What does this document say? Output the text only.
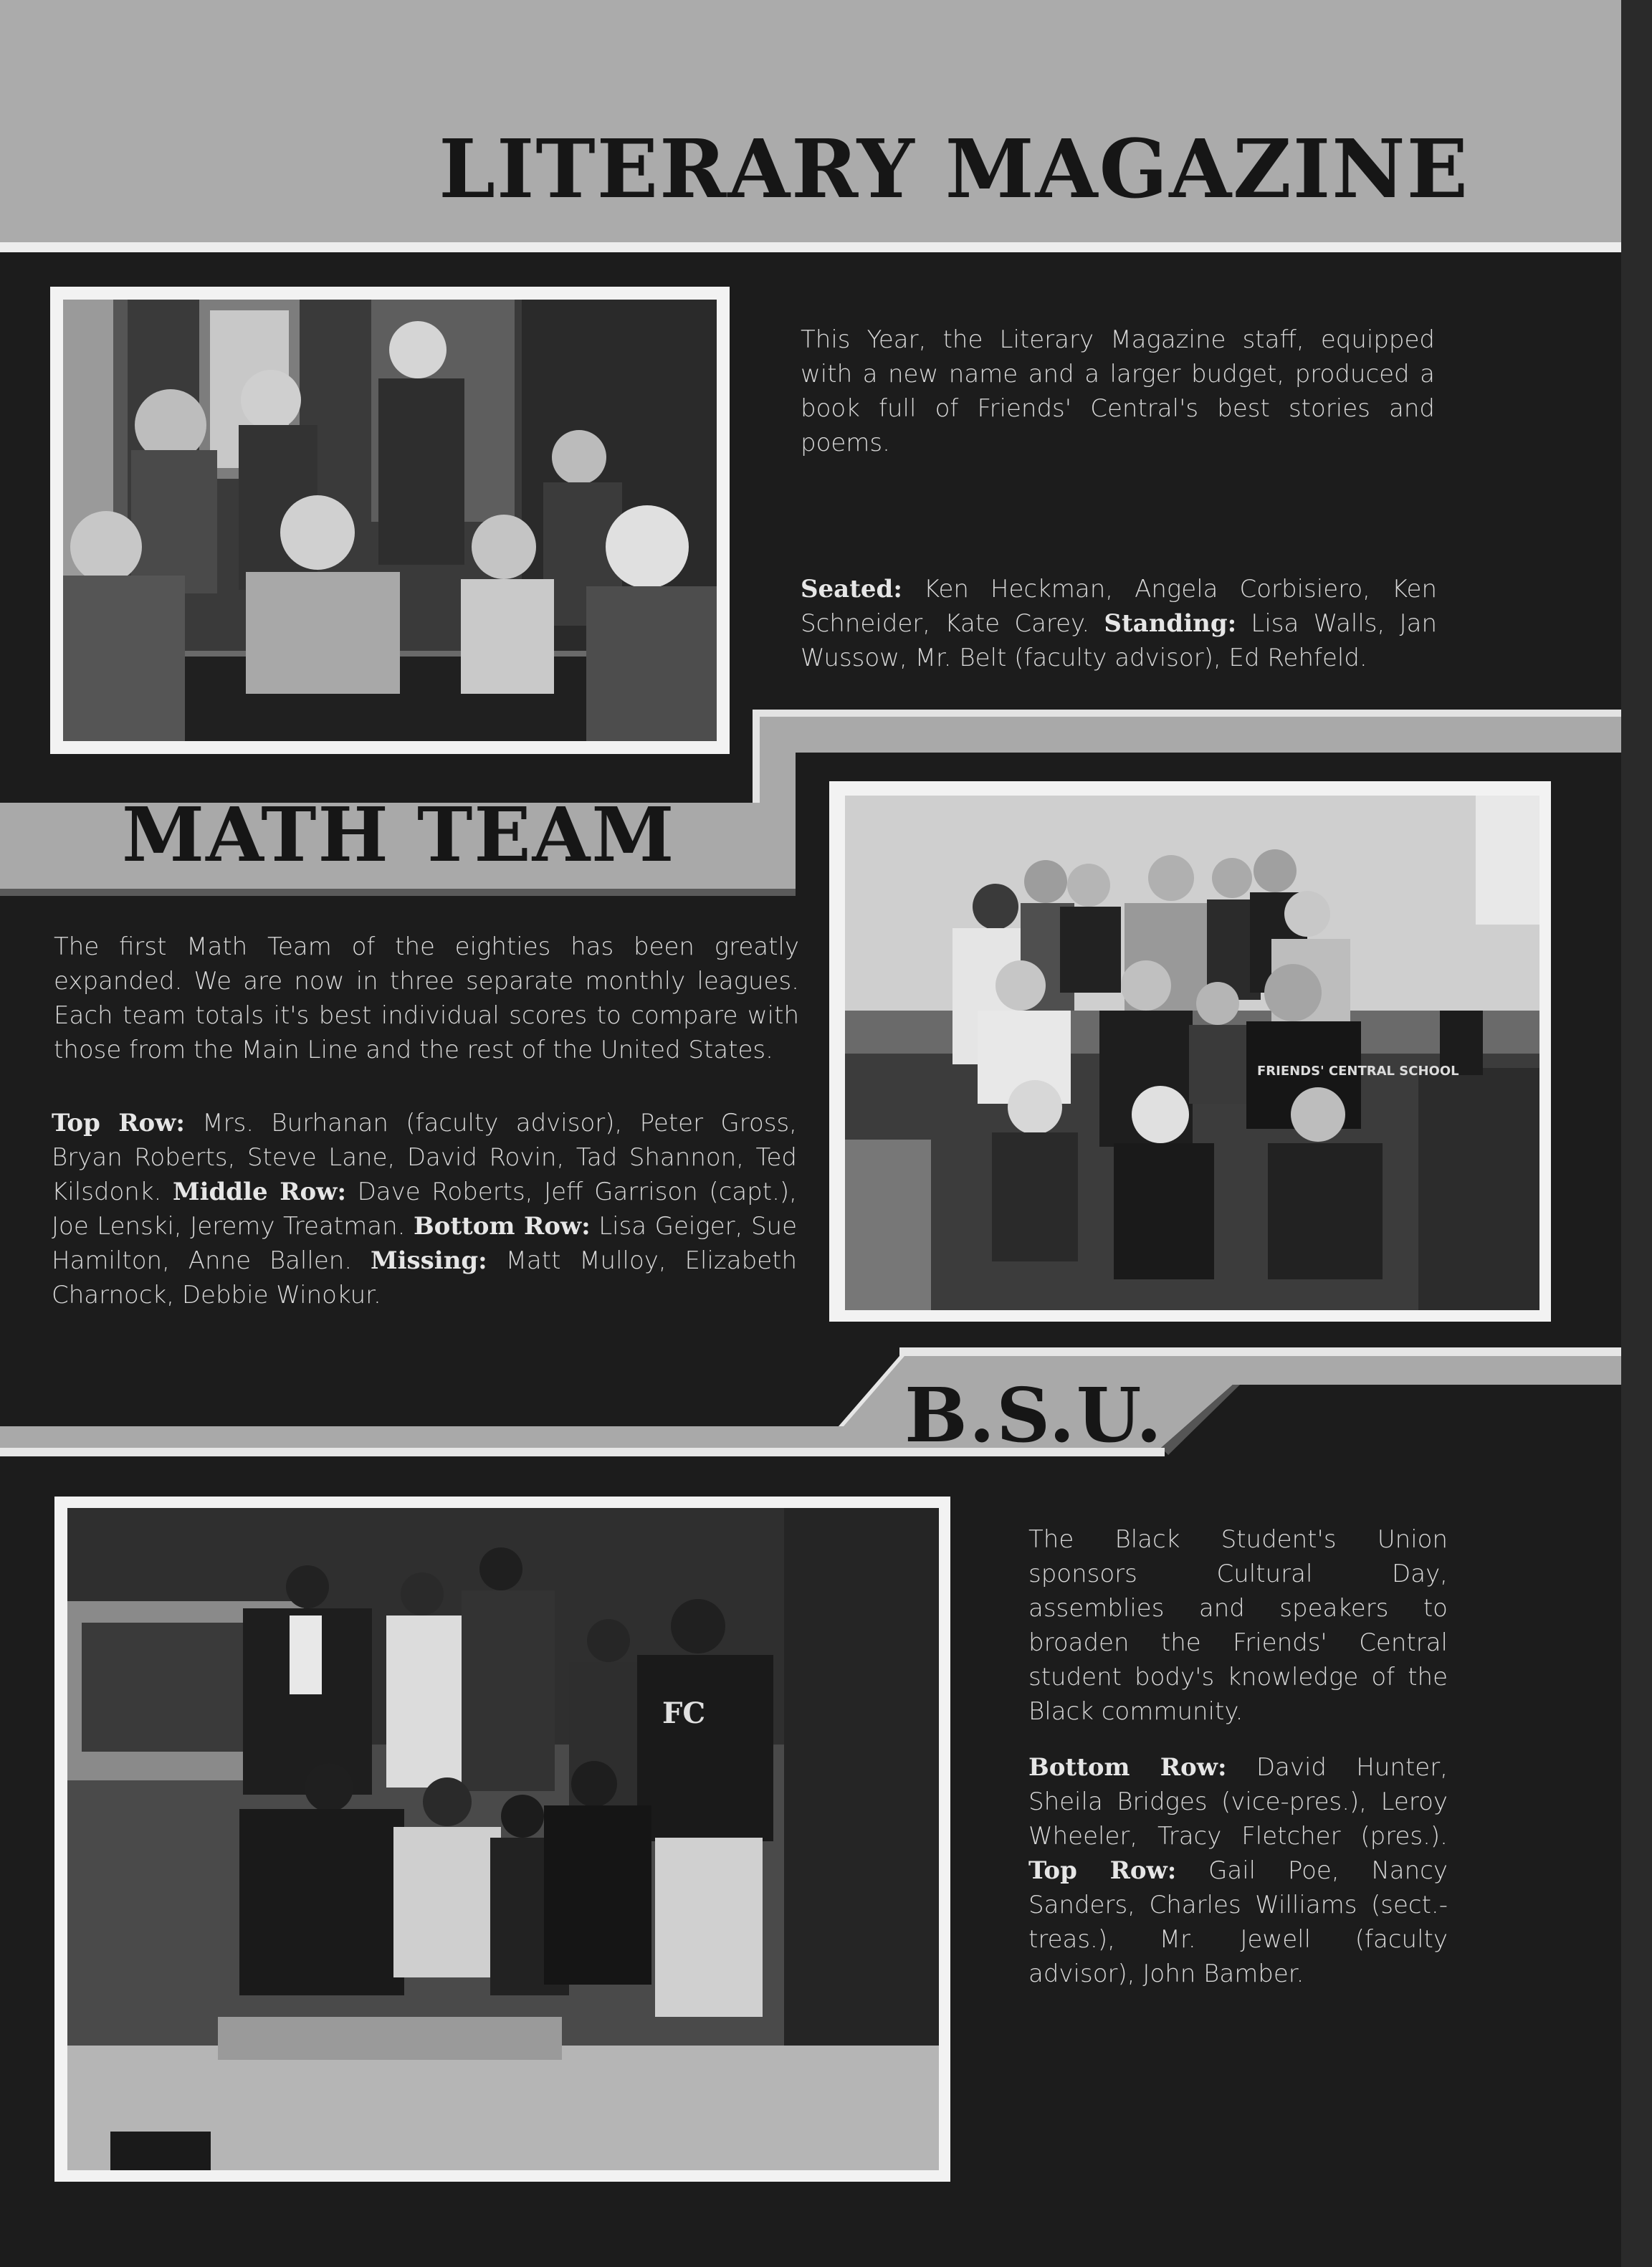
LITERARY MAGAZINE

This Year, the Literary Magazine staff, equipped with a new name and a larger budget, produced a book full of Friends' Central's best stories and poems.

Seated: Ken Heckman, Angela Corbisiero, Ken Schneider, Kate Carey. Standing: Lisa Walls, Jan Wussow, Mr. Belt (faculty advisor), Ed Rehfeld.

MATH TEAM
FRIENDS' CENTRAL SCHOOL

The first Math Team of the eighties has been greatly expanded. We are now in three separate monthly leagues. Each team totals it's best individual scores to compare with those from the Main Line and the rest of the United States.

Top Row: Mrs. Burhanan (faculty advisor), Peter Gross, Bryan Roberts, Steve Lane, David Rovin, Tad Shannon, Ted Kilsdonk. Middle Row: Dave Roberts, Jeff Garrison (capt.), Joe Lenski, Jeremy Treatman. Bottom Row: Lisa Geiger, Sue Hamilton, Anne Ballen. Missing: Matt Mulloy, Elizabeth Charnock, Debbie Winokur.

B.S.U.
FC

The Black Student's Union sponsors Cultural Day, assemblies and speakers to broaden the Friends' Central student body's knowledge of the Black community.

Bottom Row: David Hunter, Sheila Bridges (vice-pres.), Leroy Wheeler, Tracy Fletcher (pres.). Top Row: Gail Poe, Nancy Sanders, Charles Williams (sect.-treas.), Mr. Jewell (faculty advisor), John Bamber.
